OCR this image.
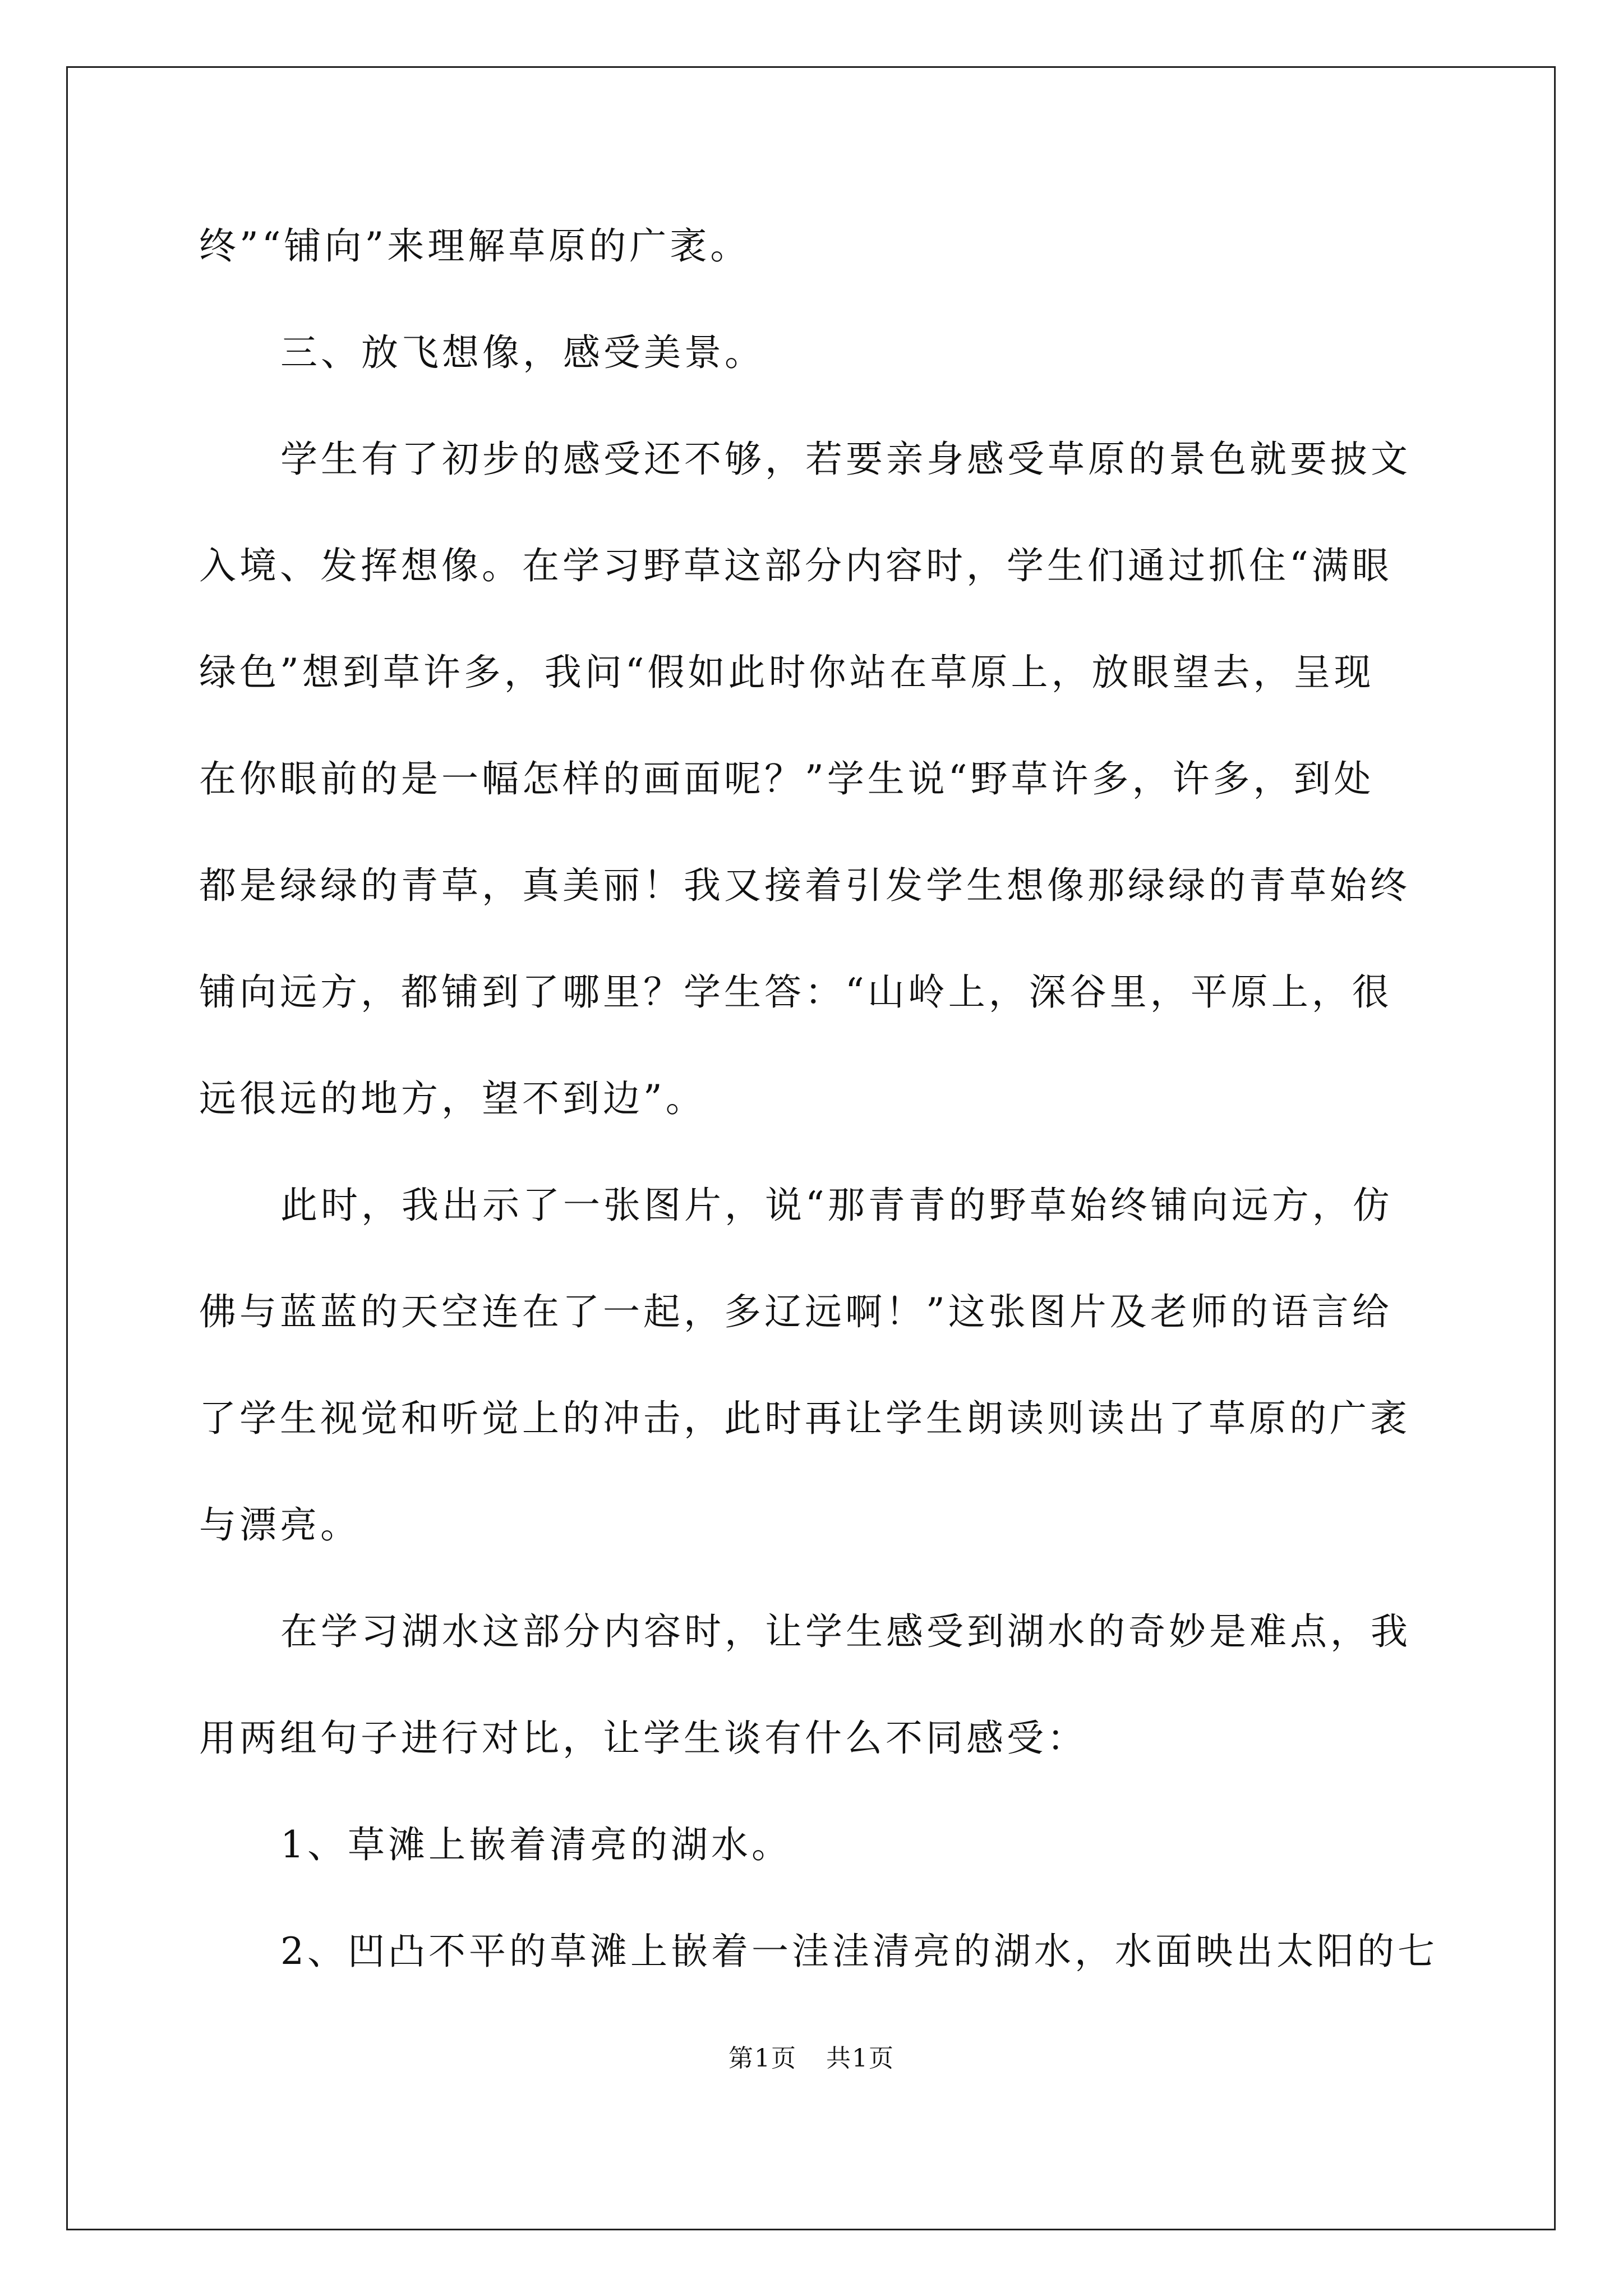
终”“铺向”来理解草原的广袤。
三、放飞想像，感受美景。
学生有了初步的感受还不够，若要亲身感受草原的景色就要披文
入境、发挥想像。在学习野草这部分内容时，学生们通过抓住“满眼
绿色”想到草许多，我问“假如此时你站在草原上，放眼望去，呈现
在你眼前的是一幅怎样的画面呢？”学生说“野草许多，许多，到处
都是绿绿的青草，真美丽！我又接着引发学生想像那绿绿的青草始终
铺向远方，都铺到了哪里？学生答：“山岭上，深谷里，平原上，很
远很远的地方，望不到边”。
此时，我出示了一张图片，说“那青青的野草始终铺向远方，仿
佛与蓝蓝的天空连在了一起，多辽远啊！”这张图片及老师的语言给
了学生视觉和听觉上的冲击，此时再让学生朗读则读出了草原的广袤
与漂亮。
在学习湖水这部分内容时，让学生感受到湖水的奇妙是难点，我
用两组句子进行对比，让学生谈有什么不同感受：
1、草滩上嵌着清亮的湖水。
2、凹凸不平的草滩上嵌着一洼洼清亮的湖水，水面映出太阳的七
第1页 共1页
